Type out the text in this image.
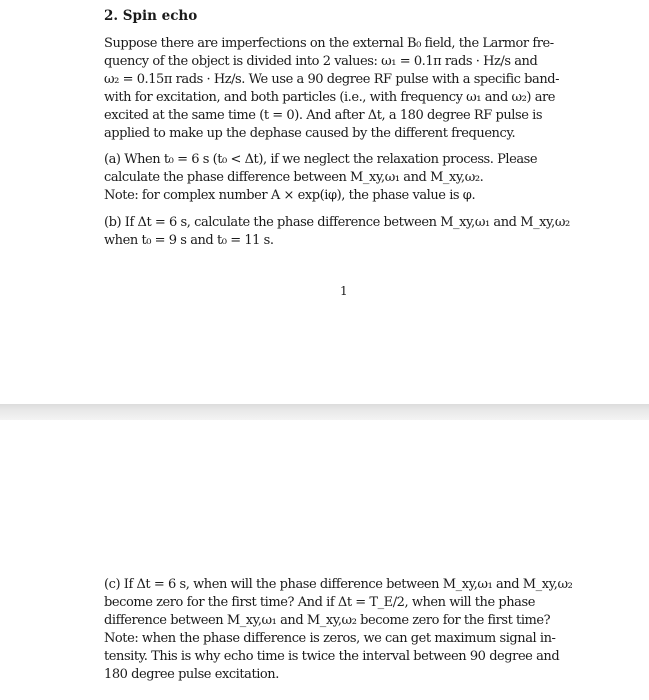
2. Spin echo
Suppose there are imperfections on the external B₀ field, the Larmor fre-
quency of the object is divided into 2 values: ω₁ = 0.1π rads · Hz/s and
ω₂ = 0.15π rads · Hz/s. We use a 90 degree RF pulse with a specific band-
with for excitation, and both particles (i.e., with frequency ω₁ and ω₂) are
excited at the same time (t = 0). And after Δt, a 180 degree RF pulse is
applied to make up the dephase caused by the different frequency.
(a) When t₀ = 6 s (t₀ < Δt), if we neglect the relaxation process. Please
calculate the phase difference between M_xy,ω₁ and M_xy,ω₂.
Note: for complex number A × exp(iφ), the phase value is φ.
(b) If Δt = 6 s, calculate the phase difference between M_xy,ω₁ and M_xy,ω₂
when t₀ = 9 s and t₀ = 11 s.
1
(c) If Δt = 6 s, when will the phase difference between M_xy,ω₁ and M_xy,ω₂
become zero for the first time? And if Δt = T_E/2, when will the phase
difference between M_xy,ω₁ and M_xy,ω₂ become zero for the first time?
Note: when the phase difference is zeros, we can get maximum signal in-
tensity. This is why echo time is twice the interval between 90 degree and
180 degree pulse excitation.
